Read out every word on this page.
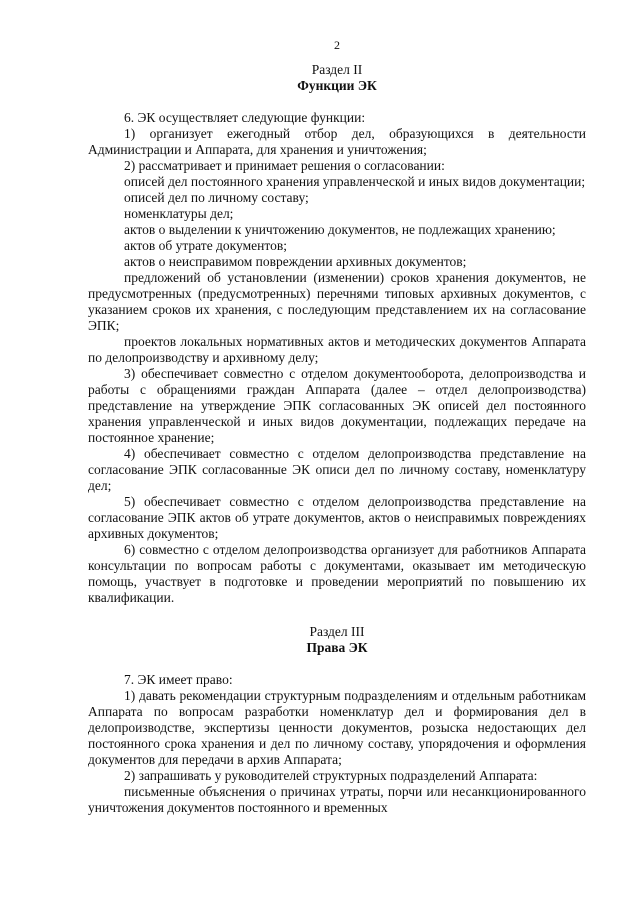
2
Раздел II
Функции ЭК

6. ЭК осуществляет следующие функции:

1) организует ежегодный отбор дел, образующихся в деятельности Администрации и Аппарата, для хранения и уничтожения;

2) рассматривает и принимает решения о согласовании:

описей дел постоянного хранения управленческой и иных видов документации;

описей дел по личному составу;

номенклатуры дел;

актов о выделении к уничтожению документов, не подлежащих хранению;

актов об утрате документов;

актов о неисправимом повреждении архивных документов;

предложений об установлении (изменении) сроков хранения документов, не предусмотренных (предусмотренных) перечнями типовых архивных документов, с указанием сроков их хранения, с последующим представлением их на согласование ЭПК;

проектов локальных нормативных актов и методических документов Аппарата по делопроизводству и архивному делу;

3) обеспечивает совместно с отделом документооборота, делопроизводства и работы с обращениями граждан Аппарата (далее – отдел делопроизводства) представление на утверждение ЭПК согласованных ЭК описей дел постоянного хранения управленческой и иных видов документации, подлежащих передаче на постоянное хранение;

4) обеспечивает совместно с отделом делопроизводства представление на согласование ЭПК согласованные ЭК описи дел по личному составу, номенклатуру дел;

5) обеспечивает совместно с отделом делопроизводства представление на согласование ЭПК актов об утрате документов, актов о неисправимых повреждениях архивных документов;

6) совместно с отделом делопроизводства организует для работников Аппарата консультации по вопросам работы с документами, оказывает им методическую помощь, участвует в подготовке и проведении мероприятий по повышению их квалификации.

Раздел III
Права ЭК

7. ЭК имеет право:

1) давать рекомендации структурным подразделениям и отдельным работникам Аппарата по вопросам разработки номенклатур дел и формирования дел в делопроизводстве, экспертизы ценности документов, розыска недостающих дел постоянного срока хранения и дел по личному составу, упорядочения и оформления документов для передачи в архив Аппарата;

2) запрашивать у руководителей структурных подразделений Аппарата:

письменные объяснения о причинах утраты, порчи или несанкционированного уничтожения документов постоянного и временных
